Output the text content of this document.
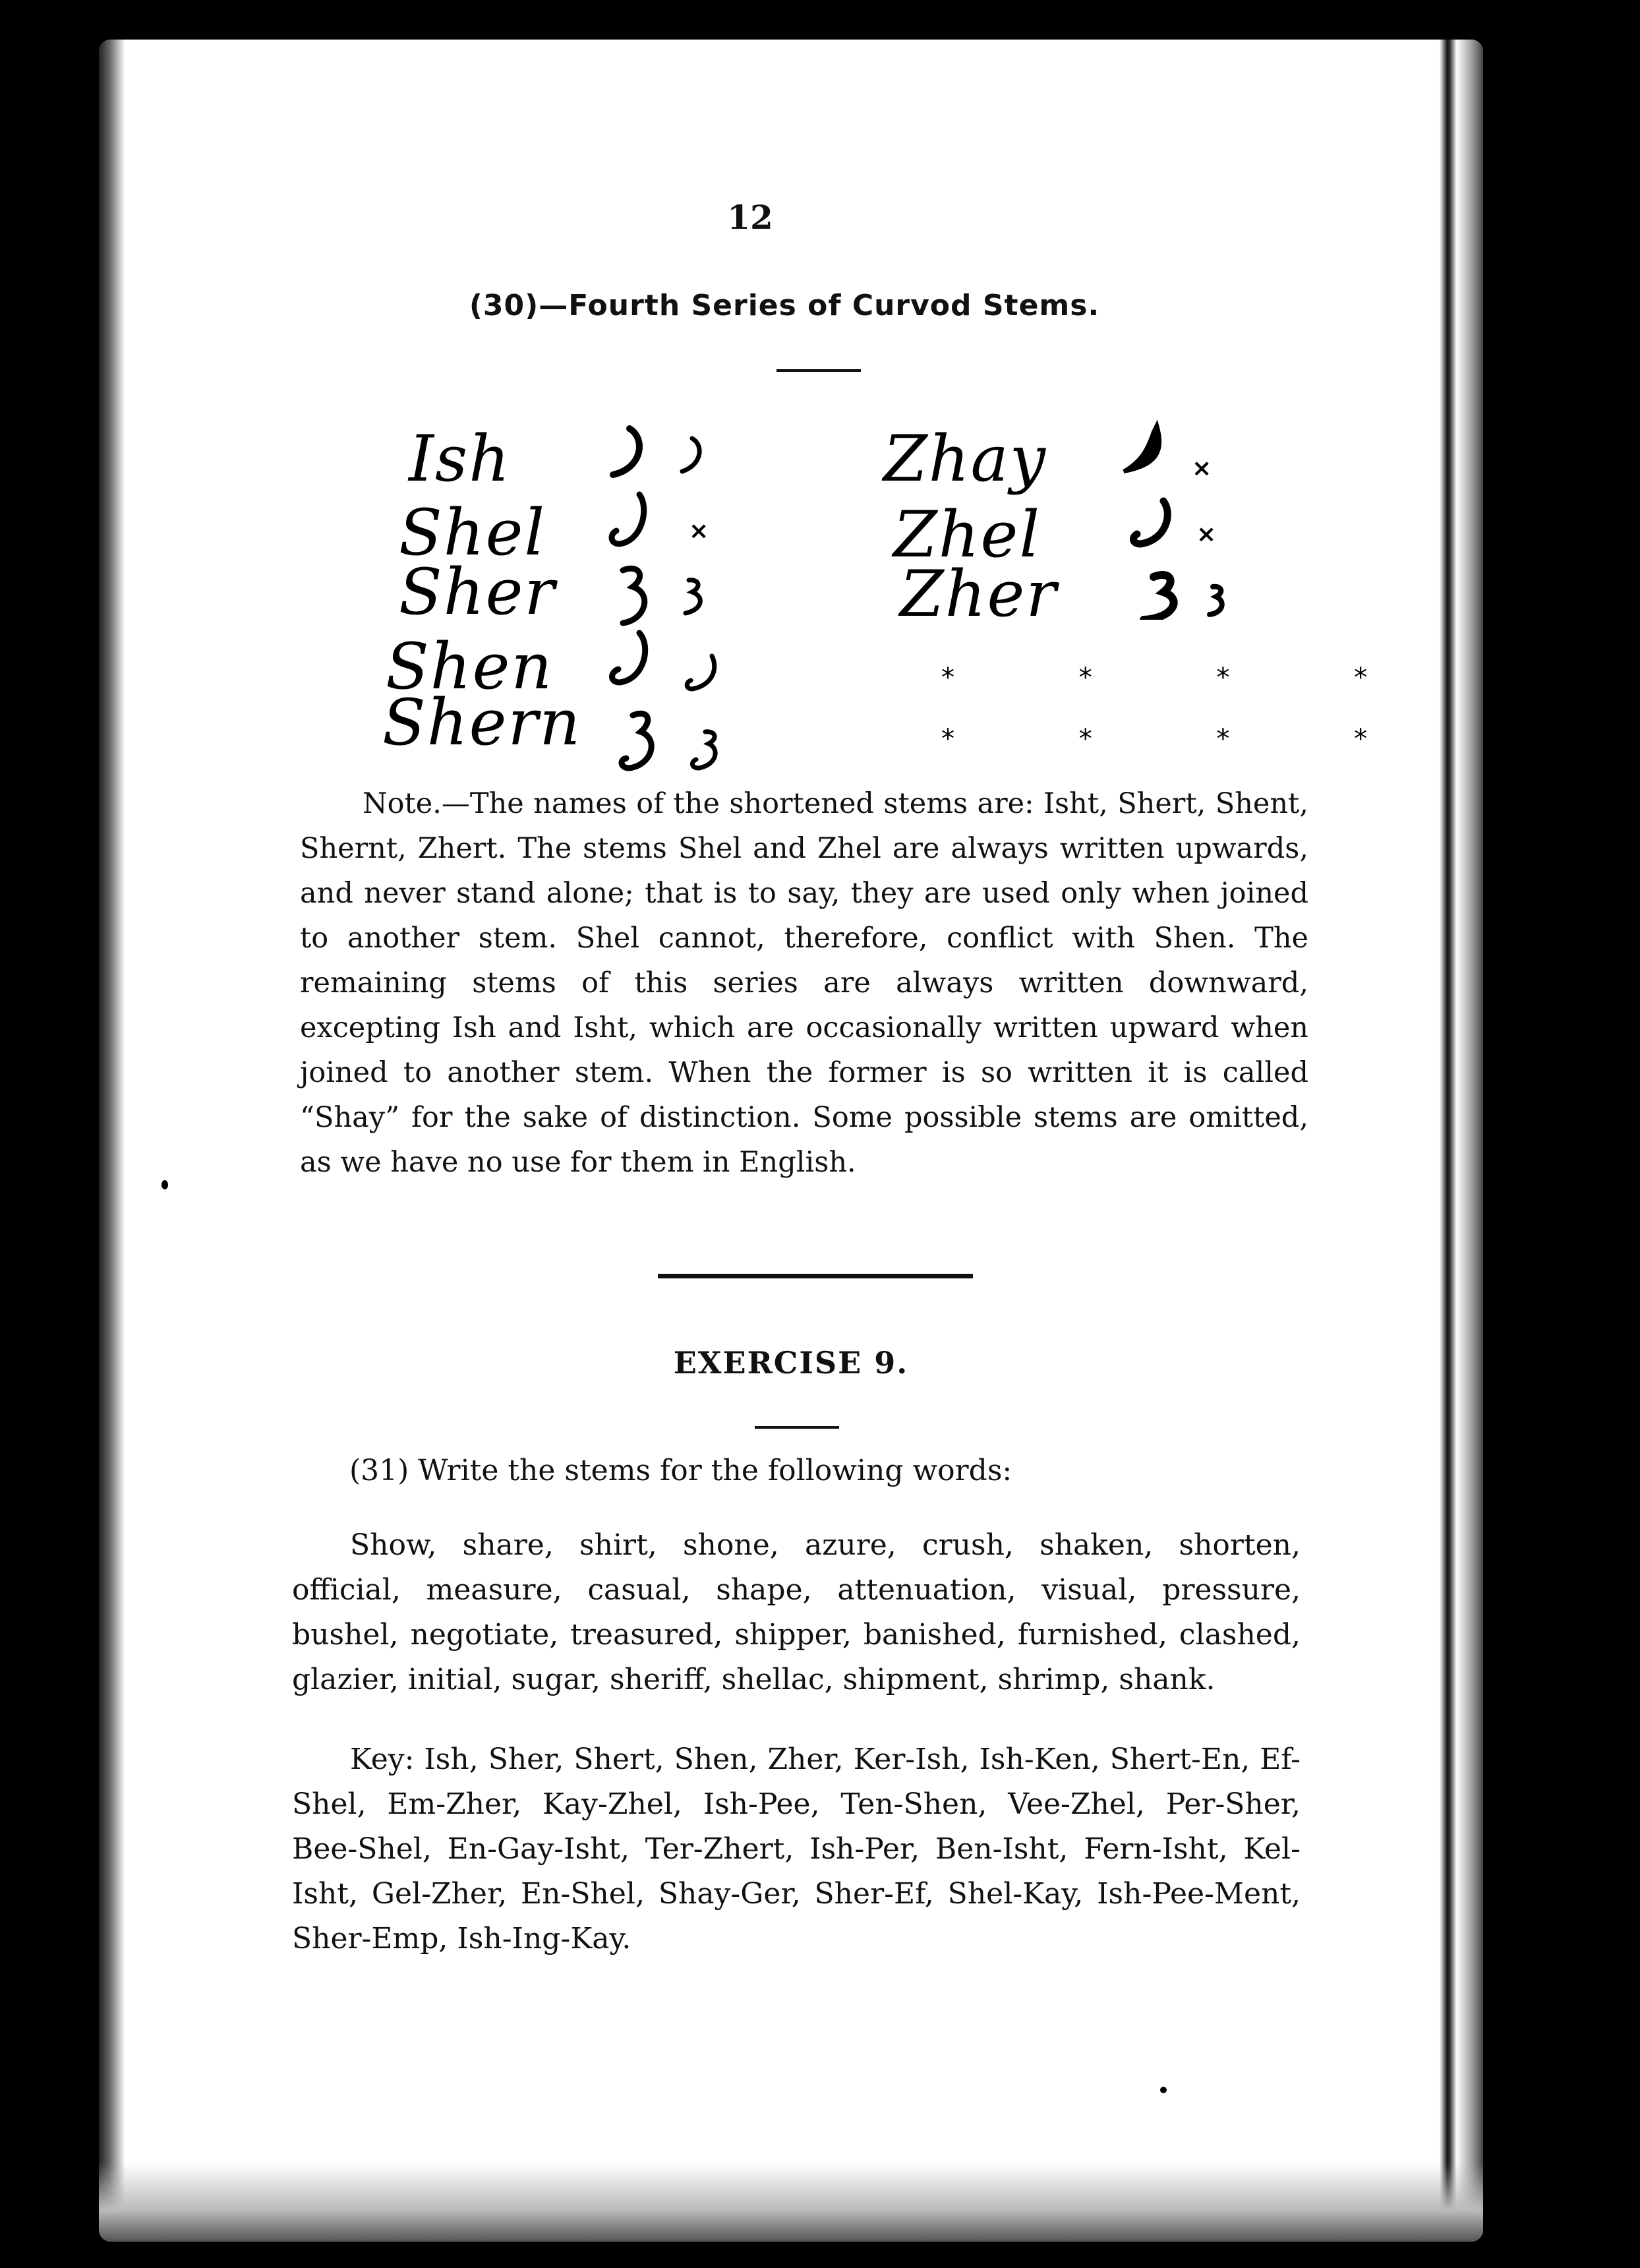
12
(30)—Fourth Series of Curvod Stems.
Ish
Shel
Sher
Shen
Shern
×
Zhay
Zhel
Zher
×
×
* * * *
* * * *

Note.—The names of the shortened stems are: Isht, Shert, Shent, Shernt, Zhert. The stems Shel and Zhel are always written upwards, and never stand alone; that is to say, they are used only when joined to another stem. Shel cannot, therefore, conflict with Shen. The remaining stems of this series are always written downward, excepting Ish and Isht, which are occasionally written upward when joined to another stem. When the former is so written it is called “Shay” for the sake of distinction. Some possible stems are omitted, as we have no use for them in English.

EXERCISE 9.
(31) Write the stems for the following words:

Show, share, shirt, shone, azure, crush, shaken, shorten, official, measure, casual, shape, attenuation, visual, pressure, bushel, negotiate, treasured, shipper, banished, furnished, clashed, glazier, initial, sugar, sheriff, shellac, shipment, shrimp, shank.

Key: Ish, Sher, Shert, Shen, Zher, Ker-Ish, Ish-Ken, Shert-En, Ef-Shel, Em-Zher, Kay-Zhel, Ish-Pee, Ten-Shen, Vee-Zhel, Per-Sher, Bee-Shel, En-Gay-Isht, Ter-Zhert, Ish-Per, Ben-Isht, Fern-Isht, Kel-Isht, Gel-Zher, En-Shel, Shay-Ger, Sher-Ef, Shel-Kay, Ish-Pee-Ment, Sher-Emp, Ish-Ing-Kay.
